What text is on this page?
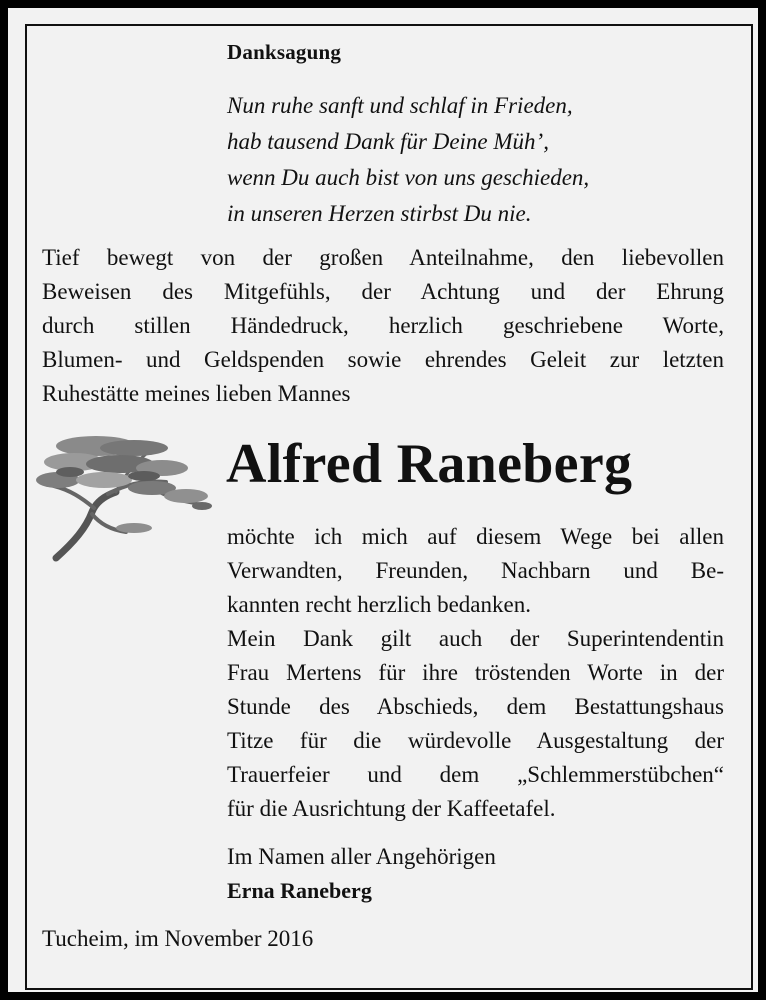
Danksagung
Nun ruhe sanft und schlaf in Frieden,
hab tausend Dank für Deine Müh’,
wenn Du auch bist von uns geschieden,
in unseren Herzen stirbst Du nie.
Tief bewegt von der großen Anteilnahme, den liebevollen
Beweisen des Mitgefühls, der Achtung und der Ehrung
durch stillen Händedruck, herzlich geschriebene Worte,
Blumen- und Geldspenden sowie ehrendes Geleit zur letzten
Ruhestätte meines lieben Mannes
Alfred Raneberg
möchte ich mich auf diesem Wege bei allen
Verwandten, Freunden, Nachbarn und Be-
kannten recht herzlich bedanken.
Mein Dank gilt auch der Superintendentin
Frau Mertens für ihre tröstenden Worte in der
Stunde des Abschieds, dem Bestattungshaus
Titze für die würdevolle Ausgestaltung der
Trauerfeier und dem „Schlemmerstübchen“
für die Ausrichtung der Kaffeetafel.
Im Namen aller Angehörigen
Erna Raneberg
Tucheim, im November 2016
